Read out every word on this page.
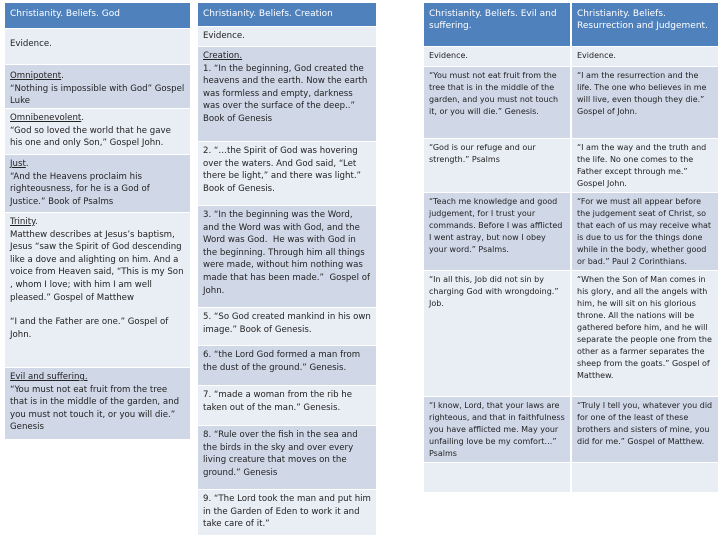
Christianity. Beliefs. God

Evidence.

Omnipotent.

“Nothing is impossible with God” Gospel Luke

Omnibenevolent.

“God so loved the world that he gave his one and only Son,” Gospel John.

Just.

“And the Heavens proclaim his righteousness, for he is a God of Justice.” Book of Psalms

Trinity.

Matthew describes at Jesus’s baptism, Jesus “saw the Spirit of God descending like a dove and alighting on him. And a voice from Heaven said, “This is my Son , whom I love; with him I am well pleased.” Gospel of Matthew

“I and the Father are one.” Gospel of John.

Evil and suffering.

“You must not eat fruit from the tree that is in the middle of the garden, and you must not touch it, or you will die.” Genesis

Christianity. Beliefs. Creation

Evidence.

Creation.

1. “In the beginning, God created the heavens and the earth. Now the earth was formless and empty, darkness was over the surface of the deep..” Book of Genesis

2. “…the Spirit of God was hovering over the waters. And God said, “Let there be light,” and there was light.” Book of Genesis.

3. “In the beginning was the Word, and the Word was with God, and the Word was God.  He was with God in the beginning. Through him all things were made, without him nothing was made that has been made.”  Gospel of John.

5. “So God created mankind in his own image.” Book of Genesis.

6. “the Lord God formed a man from the dust of the ground.” Genesis.

7. “made a woman from the rib he taken out of the man.” Genesis.

8. “Rule over the fish in the sea and the birds in the sky and over every living creature that moves on the ground.” Genesis

9. “The Lord took the man and put him in the Garden of Eden to work it and take care of it.”

Christianity. Beliefs. Evil and suffering.

Evidence.

“You must not eat fruit from the tree that is in the middle of the garden, and you must not touch it, or you will die.” Genesis.

“God is our refuge and our strength.” Psalms

“Teach me knowledge and good judgement, for I trust your commands. Before I was afflicted I went astray, but now I obey your word.” Psalms.

“In all this, Job did not sin by charging God with wrongdoing.” Job.

“I know, Lord, that your laws are righteous, and that in faithfulness you have afflicted me. May your unfailing love be my comfort…” Psalms

Christianity. Beliefs. Resurrection and Judgement.

Evidence.

“I am the resurrection and the life. The one who believes in me will live, even though they die.” Gospel of John.

“I am the way and the truth and the life. No one comes to the Father except through me.” Gospel John.

“For we must all appear before the judgement seat of Christ, so that each of us may receive what is due to us for the things done while in the body, whether good or bad.” Paul 2 Corinthians.

“When the Son of Man comes in his glory, and all the angels with him, he will sit on his glorious throne. All the nations will be gathered before him, and he will separate the people one from the other as a farmer separates the sheep from the goats.” Gospel of Matthew.

“Truly I tell you, whatever you did for one of the least of these brothers and sisters of mine, you did for me.” Gospel of Matthew.
